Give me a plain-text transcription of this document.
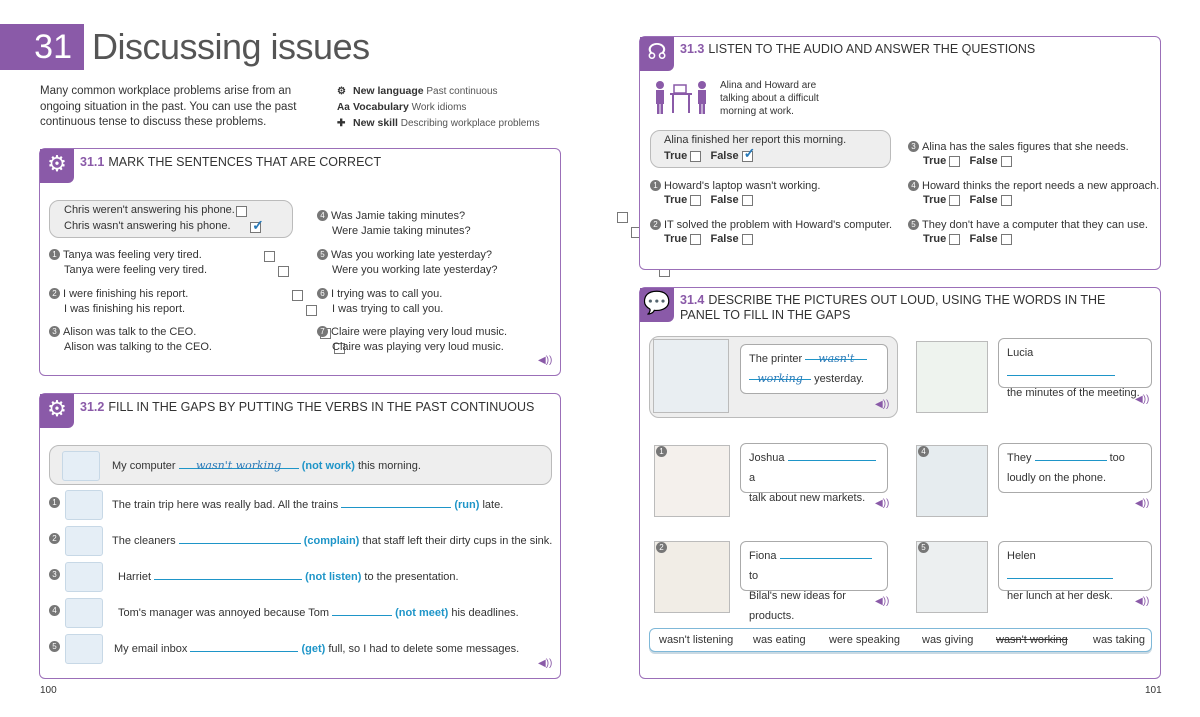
31 Discussing issues
Many common workplace problems arise from an ongoing situation in the past. You can use the past continuous tense to discuss these problems.
⚙ New language Past continuous
Aa Vocabulary Work idioms
✚ New skill Describing workplace problems
⚙	31.1 MARK THE SENTENCES THAT ARE CORRECT
Chris weren't answering his phone.
Chris wasn't answering his phone.
✓

1 Tanya was feeling very tired.
Tanya were feeling very tired.

2 I were finishing his report.
I was finishing his report.

3 Alison was talk to the CEO.
Alison was talking to the CEO.

4 Was Jamie taking minutes?
Were Jamie taking minutes?

5 Was you working late yesterday?
Were you working late yesterday?

6 I trying was to call you.
I was trying to call you.

7 Claire were playing very loud music.
Claire was playing very loud music.

◀))
⚙	31.2 FILL IN THE GAPS BY PUTTING THE VERBS IN THE PAST CONTINUOUS
My computer wasn't working (not work) this morning.
1	The train trip here was really bad. All the trains	(run) late.
2	The cleaners	(complain) that staff left their dirty cups in the sink.
3	Harriet	(not listen) to the presentation.
4	Tom's manager was annoyed because Tom	(not meet) his deadlines.
5	My email inbox	(get) full, so I had to delete some messages.
◀))
100
☊	31.3 LISTEN TO THE AUDIO AND ANSWER THE QUESTIONS
Alina and Howard are talking about a difficult morning at work.
Alina finished her report this morning.
True False ✓
1 Howard's laptop wasn't working.
True False
2 IT solved the problem with Howard's computer.
True False
3 Alina has the sales figures that she needs.
True False
4 Howard thinks the report needs a new approach.
True False
5 They don't have a computer that they can use.
True False
💬 31.4 DESCRIBE THE PICTURES OUT LOUD, USING THE WORDS IN THE
PANEL TO FILL IN THE GAPS
The printer wasn't
working yesterday.
◀))
Lucia
the minutes of the meeting.
◀))
1
Joshua  a
talk about new markets. ◀))
4
They	too
loudly on the phone.
◀))
2
Fiona  to
Bilal's new ideas for products.
◀))
5
Helen
her lunch at her desk.	◀))
wasn't listening was eating were speaking was giving wasn't working was taking
101
